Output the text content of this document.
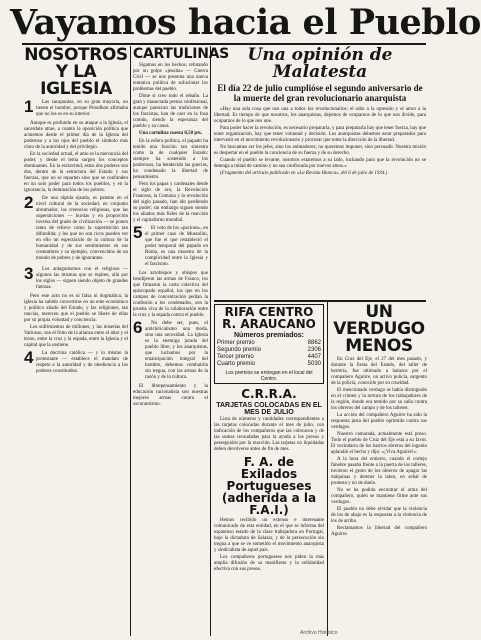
Vayamos hacia el Pueblo
NOSOTROS Y LA IGLESIA
1	Las sacapuntas, en su gran mayoría, no tienen el hombre, porque Proudhon afirmaba que no los es en su interior.

Aunque es profundo en su ataque a la Iglesia, el sacerdote atrae, a cuanto la oposición política que actuemos desde el primer día de la Iglesia del poderosa y a los ojos del pueblo el símbolo más claro de la autoridad y del privilegio.

En la sociedad actual, el amo es la mercancía del poder, y desde el tema surgen los conceptos dominantes. En la esclavitud, estos dos poderes son dos, dentro de la estructura del Estado y sus fuerzas, que no se reparten sino que se confunden en un solo poder para todos los pueblos, y en la ignorancia, la dominación de los pobres.

2	De una rápida ojeada, es patente en el nivel cultural de la sociedad, en conjunto abrumador, las creencias religiosas, que las supersticiones — burdas y en proporción inversa del grado de civilización — se ponen tanto de relieve como la superstición tan difundida; y los que no son ricos pueden ver en ello un espectáculo de la cultura de la humanidad y de sus sentimientos en sus costumbres y su ejemplo, convencidos de un mundo de pobres y de ignorantes.

3	Los antagonismos con el religioso — algunos las mismas que se repiten, allá por los siglos — siguen siendo objeto de grandes fuerzas.

Pero este acto no es ni falsa ni dogmática; la iglesia ha sabido convertirse en un ente económico y político aliado del Estado, y las religiones, tan rancias, merecen que el pueblo se libere de ellas por su propia voluntad y conciencia.

Los sufrimientos de millones, y las miserias del Vaticano, son el fruto de la alianza entre el altar y el trono, entre la cruz y la espada, entre la Iglesia y el capital que la sostiene.

4	La doctrina católica — y lo mismo la protestante — establece el mandato de respeto a la autoridad y de obediencia a los poderes constituidos.

CARTULINAS

Sigamos en los hechos, refutando por un golpe «jesuita» — Guerra Civil — se nos presenta una nueva tentativa política de solucionar los problemas del pueblo.

Dime si creo todo el rebaño. La gran y masacrada prensa confesional, aunque parezcan las tradiciones de los fascistas, han de caer en la fosa común, siendo la esperanza del pueblo y su causa.

Una cartulina cuesta 0,50 pts.

En la esfera política, el papado ha tenido una función tan siniestra como la de cualquier Estado: siempre ha sostenido a los poderosos, ha bendecido las guerras, ha condenado la libertad de pensamiento.

Pero los papas y cardenales desde el siglo de oro, la Revolución Francesa, la Comuna y la revolución del siglo pasado, han ido perdiendo su poder; sin embargo siguen siendo los aliados más fieles de la reacción y el capitalismo mundial.

5	El voto de los «pacinos», en el primer caso de Mussolini, que fue el que restableció el poder temporal del papado en Roma, es una muestra de la complicidad entre la Iglesia y el fascismo.

Los arzobispos y obispos que bendijeron las armas de Franco, los que firmaron la carta colectiva del episcopado español, los que en los campos de concentración pedían la confesión a los condenados, son la prueba viva de la colaboración entre la cruz y la espada contra el pueblo.

6	No debe ser, pues, el anticlericalismo una moda, sino una necesidad. La Iglesia es la enemiga jurada del pueblo libre, y los anarquistas, que luchamos por la emancipación integral del hombre, debemos combatirla sin tregua, con las armas de la razón y de la cultura.

El librepensamiento y la educación racionalista son nuestras mejores armas contra el oscurantismo.

Una opinión de Malatesta
El día 22 de julio cumplióse el segundo aniversario de la muerte del gran revolucionario anarquista

«Hay una sola cosa que nos una a todos los revolucionarios: el odio a la opresión y el amor a la libertad. Es tiempo de que nosotros, los anarquistas, dejemos de ocuparnos de lo que nos divide, para ocuparnos de lo que nos une.

Para poder hacer la revolución, es necesario prepararla, y para prepararla hay que tener fuerza, hay que tener organización, hay que tener voluntad y decisión. Los anarquistas debemos estar preparados para intervenir en el movimiento revolucionario y procurar que tome la dirección de la libertad.

No buscamos ser los jefes, sino los animadores; no queremos imponer, sino persuadir. Nuestra misión es despertar en el pueblo la conciencia de su fuerza y de su derecho.

Cuando el pueblo se levante, nosotros estaremos a su lado, luchando para que la revolución no se detenga a mitad de camino y no sea confiscada por nuevos amos.»

(Fragmento del artículo publicado en «La Revista Blanca», del 6 de julio de 1934.)

RIFA CENTRO R. ARAUCANO
Números premiados:
Primer premio	8862
Segundo premio	2306
Tercer premio	4407
Cuarto premio	5030
Los premios se entregan en el local del Centro.
C.R.R.A.
TARJETAS COLOCADAS EN EL MES DE JULIO

Lista de números y cantidades correspondientes a las tarjetas colocadas durante el mes de julio, con indicación de los compañeros que las colocaron y de las sumas recaudadas para la ayuda a los presos y perseguidos por la reacción. Las tarjetas no liquidadas deben devolverse antes de fin de mes.

F. A. de Exilados Portugueses (adherida a la F.A.I.)

Hemos recibido un extenso e interesante comunicado de esta entidad, en el que se informa del espantoso estado de la clase trabajadora en Portugal, bajo la dictadura de Salazar, y de la persecución sin tregua a que se ve sometido el movimiento anarquista y sindicalista de aquel país.

Los compañeros portugueses nos piden la más amplia difusión de su manifiesto y la solidaridad efectiva con sus presos.

UN VERDUGO MENOS

En Cruz del Eje, el 27 del mes pasado, y durante la fiesta del Estado, del taller de herrería, fue ultimado a balazos por el compañero Aguirre, un activo policía, sargento de la policía, conocido por su crueldad.

El mencionado verdugo se había distinguido en el crimen y la tortura de los trabajadores de la región, donde era temido por su saña contra los obreros del campo y de los talleres.

La acción del compañero Aguirre ha sido la respuesta justa del pueblo oprimido contra sus verdugos.

Nuestro camarada, actualmente está preso. Todo el pueblo de Cruz del Eje está a su favor. El vecindario de los barrios obreros del ingenio aplaudió el hecho y dijo: «¡Viva Aguirre!».

A la hora del entierro, cuando el cortejo fúnebre pasaba frente a la puerta de los talleres, tuvieron el gesto de los obreros de apagar las máquinas y detener la labor, en señal de protesta y no de duelo.

No se ha podido encontrar el arma del compañero, quien se mantiene firme ante sus verdugos.

El pueblo no debe olvidar que la violencia de los de abajo es la respuesta a la violencia de los de arriba.

Reclamamos la libertad del compañero Aguirre.

Archivo Histórico
